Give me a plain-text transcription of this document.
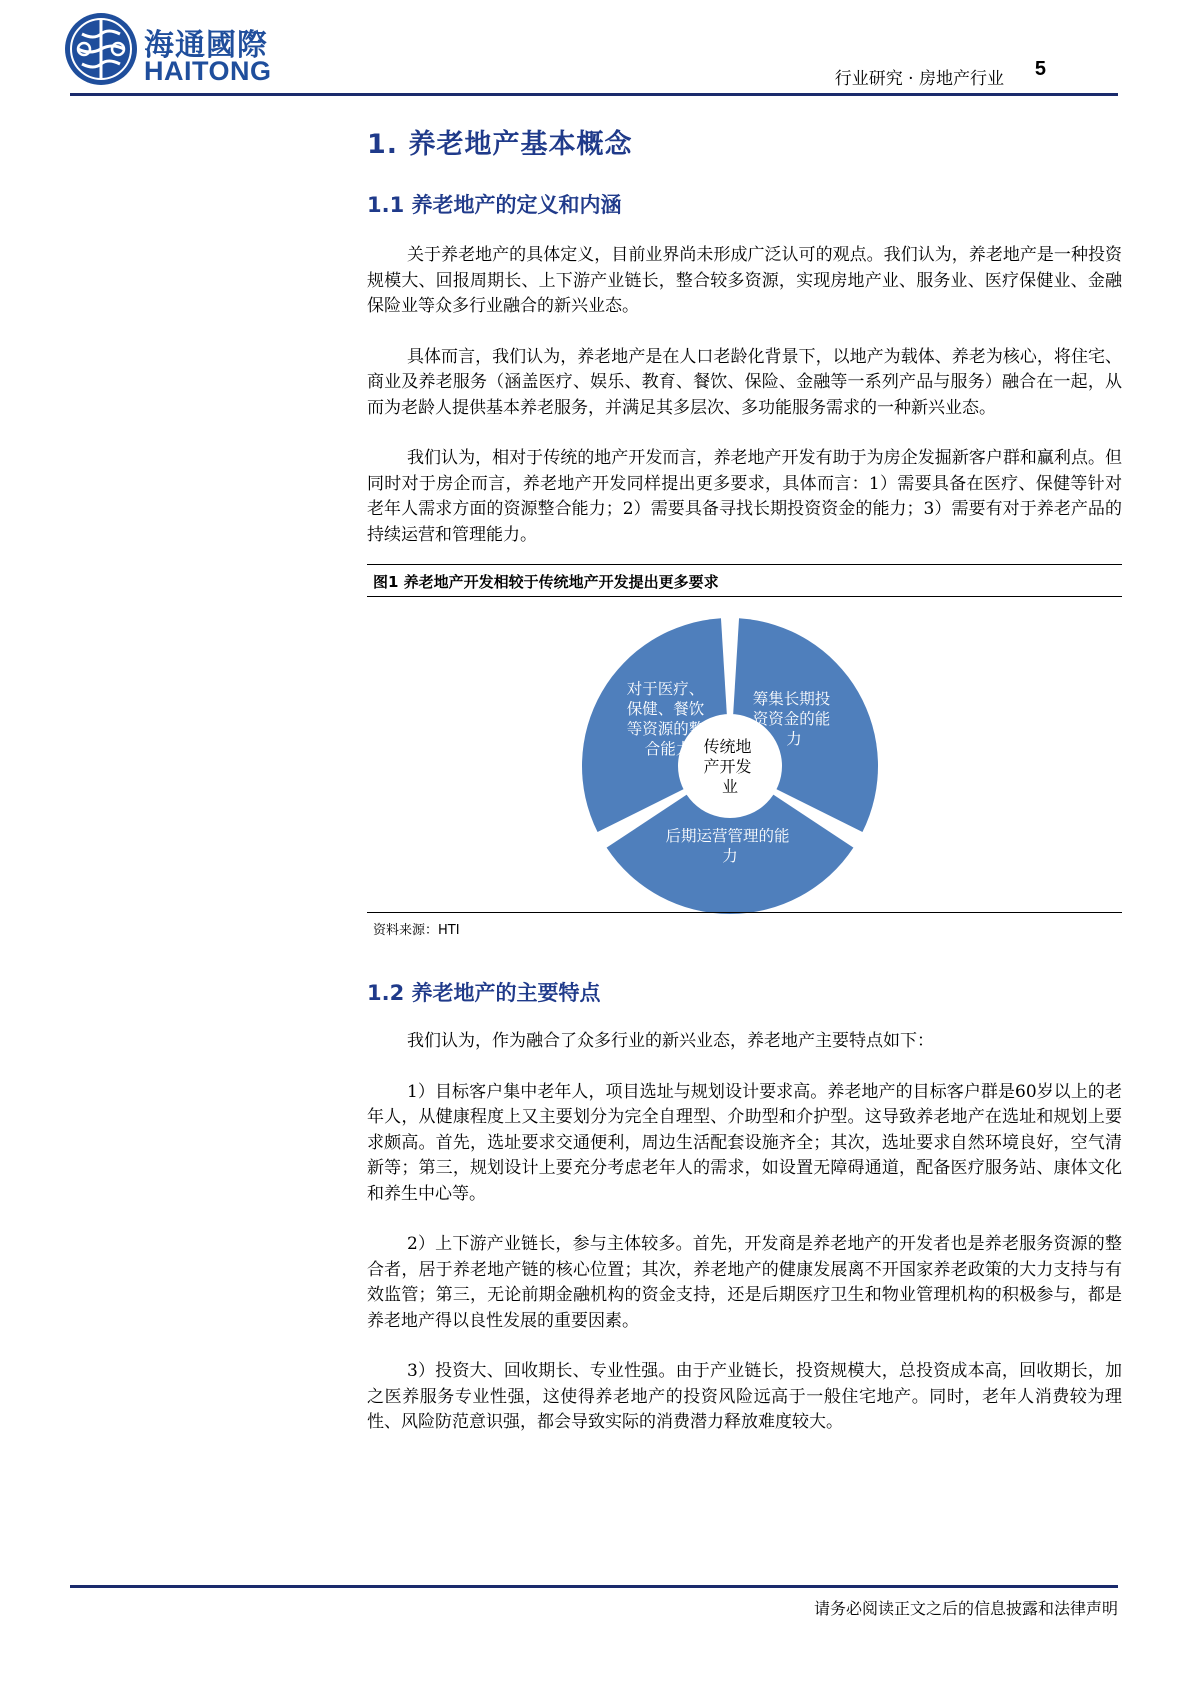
海通國際
HAITONG	行业研究 · 房地产行业 5
1. 养老地产基本概念
1.1 养老地产的定义和内涵

关于养老地产的具体定义，目前业界尚未形成广泛认可的观点。我们认为，养老地产是一种投资规模大、回报周期长、上下游产业链长，整合较多资源，实现房地产业、服务业、医疗保健业、金融保险业等众多行业融合的新兴业态。

具体而言，我们认为，养老地产是在人口老龄化背景下，以地产为载体、养老为核心，将住宅、商业及养老服务（涵盖医疗、娱乐、教育、餐饮、保险、金融等一系列产品与服务）融合在一起，从而为老龄人提供基本养老服务，并满足其多层次、多功能服务需求的一种新兴业态。

我们认为，相对于传统的地产开发而言，养老地产开发有助于为房企发掘新客户群和赢利点。但同时对于房企而言，养老地产开发同样提出更多要求，具体而言：1）需要具备在医疗、保健等针对老年人需求方面的资源整合能力；2）需要具备寻找长期投资资金的能力；3）需要有对于养老产品的持续运营和管理能力。

图1 养老地产开发相较于传统地产开发提出更多要求
对于医疗、 保健、餐饮 等资源的整 合能力
筹集长期投 资资金的能 力
后期运营管理的能 力
传统地 产开发 业
资料来源：HTI
1.2 养老地产的主要特点

我们认为，作为融合了众多行业的新兴业态，养老地产主要特点如下：

1）目标客户集中老年人，项目选址与规划设计要求高。养老地产的目标客户群是60岁以上的老年人，从健康程度上又主要划分为完全自理型、介助型和介护型。这导致养老地产在选址和规划上要求颇高。首先，选址要求交通便利，周边生活配套设施齐全；其次，选址要求自然环境良好，空气清新等；第三，规划设计上要充分考虑老年人的需求，如设置无障碍通道，配备医疗服务站、康体文化和养生中心等。

2）上下游产业链长，参与主体较多。首先，开发商是养老地产的开发者也是养老服务资源的整合者，居于养老地产链的核心位置；其次，养老地产的健康发展离不开国家养老政策的大力支持与有效监管；第三，无论前期金融机构的资金支持，还是后期医疗卫生和物业管理机构的积极参与，都是养老地产得以良性发展的重要因素。

3）投资大、回收期长、专业性强。由于产业链长，投资规模大，总投资成本高，回收期长，加之医养服务专业性强，这使得养老地产的投资风险远高于一般住宅地产。同时，老年人消费较为理性、风险防范意识强，都会导致实际的消费潜力释放难度较大。

请务必阅读正文之后的信息披露和法律声明
